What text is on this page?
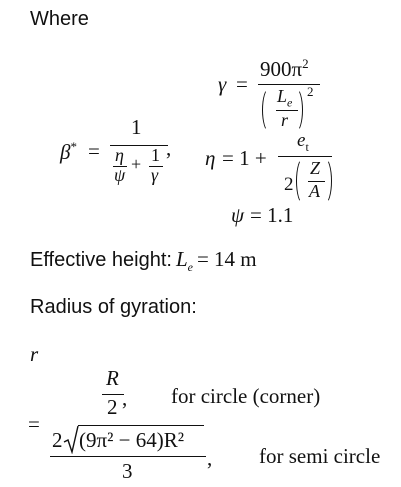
Where
γ =
$900\pi^2$
$L_e$
r
2
β* =
1
η
ψ
+ 1
γ
, η = 1 +
$e_t$
2
Z
A
ψ = 1.1
Effective height: $L_e = 14$ m
Radius of gyration:
r
=
R
2 , for circle (corner)
2 (9π² − 64)R²
3
, for semi circle
